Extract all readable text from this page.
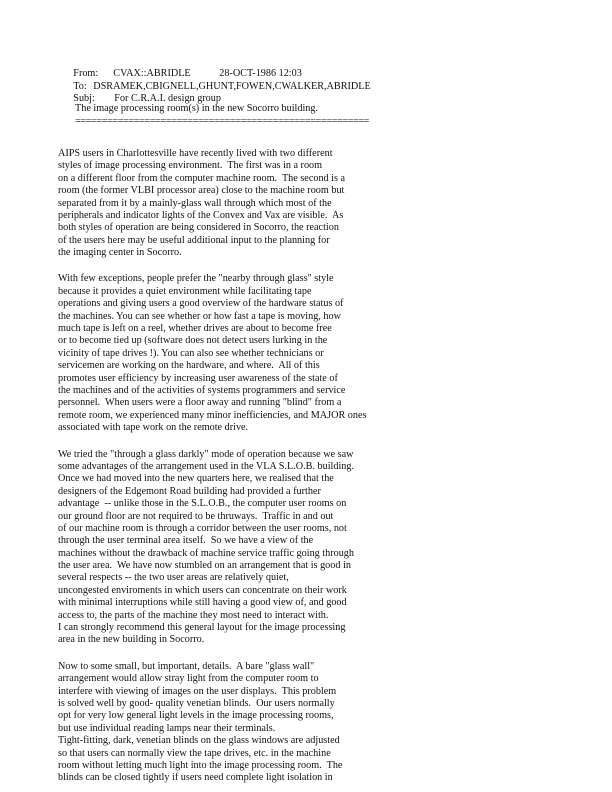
From: CVAX::ABRIDLE	28-OCT-1986 12:03

To: DSRAMEK,CBIGNELL,GHUNT,FOWEN,CWALKER,ABRIDLE

Subj: For C.R.A.I. design group

The image processing room(s) in the new Socorro building.
=======================================================
AIPS users in Charlottesville have recently lived with two different
styles of image processing environment.  The first was in a room
on a different floor from the computer machine room.  The second is a
room (the former VLBI processor area) close to the machine room but
separated from it by a mainly-glass wall through which most of the
peripherals and indicator lights of the Convex and Vax are visible.  As
both styles of operation are being considered in Socorro, the reaction
of the users here may be useful additional input to the planning for
the imaging center in Socorro.
With few exceptions, people prefer the "nearby through glass" style
because it provides a quiet environment while facilitating tape
operations and giving users a good overview of the hardware status of
the machines. You can see whether or how fast a tape is moving, how
much tape is left on a reel, whether drives are about to become free
or to become tied up (software does not detect users lurking in the
vicinity of tape drives !). You can also see whether technicians or
servicemen are working on the hardware, and where.  All of this
promotes user efficiency by increasing user awareness of the state of
the machines and of the activities of systems programmers and service
personnel.  When users were a floor away and running "blind" from a
remote room, we experienced many minor inefficiencies, and MAJOR ones
associated with tape work on the remote drive.
We tried the "through a glass darkly" mode of operation because we saw
some advantages of the arrangement used in the VLA S.L.O.B. building.
Once we had moved into the new quarters here, we realised that the
designers of the Edgemont Road building had provided a further
advantage  -- unlike those in the S.L.O.B., the computer user rooms on
our ground floor are not required to be thruways.  Traffic in and out
of our machine room is through a corridor between the user rooms, not
through the user terminal area itself.  So we have a view of the
machines without the drawback of machine service traffic going through
the user area.  We have now stumbled on an arrangement that is good in
several respects -- the two user areas are relatively quiet,
uncongested enviroments in which users can concentrate on their work
with minimal interruptions while still having a good view of, and good
access to, the parts of the machine they most need to interact with.
I can strongly recommend this general layout for the image processing
area in the new building in Socorro.
Now to some small, but important, details.  A bare "glass wall"
arrangement would allow stray light from the computer room to
interfere with viewing of images on the user displays.  This problem
is solved well by good- quality venetian blinds.  Our users normally
opt for very low general light levels in the image processing rooms,
but use individual reading lamps near their terminals.
Tight-fitting, dark, venetian blinds on the glass windows are adjusted
so that users can normally view the tape drives, etc. in the machine
room without letting much light into the image processing room.  The
blinds can be closed tightly if users need complete light isolation in
